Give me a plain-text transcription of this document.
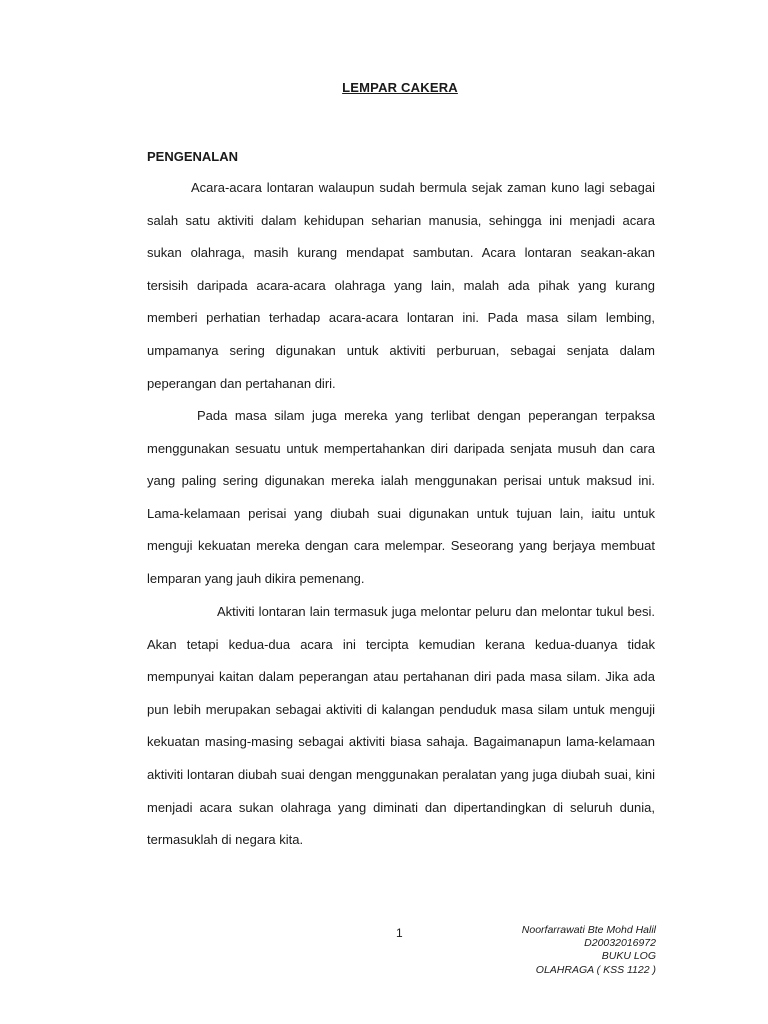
LEMPAR CAKERA
PENGENALAN

Acara-acara lontaran walaupun sudah bermula sejak zaman kuno lagi sebagai salah satu aktiviti dalam kehidupan seharian manusia, sehingga ini menjadi acara sukan olahraga, masih kurang mendapat sambutan. Acara lontaran seakan-akan tersisih daripada acara-acara olahraga yang lain, malah ada pihak yang kurang memberi perhatian terhadap acara-acara lontaran ini. Pada masa silam lembing, umpamanya sering digunakan untuk aktiviti perburuan, sebagai senjata dalam peperangan dan pertahanan diri.

Pada masa silam juga mereka yang terlibat dengan peperangan terpaksa menggunakan sesuatu untuk mempertahankan diri daripada senjata musuh dan cara yang paling sering digunakan mereka ialah menggunakan perisai untuk maksud ini. Lama-kelamaan perisai yang diubah suai digunakan untuk tujuan lain, iaitu untuk menguji kekuatan mereka dengan cara melempar. Seseorang yang berjaya membuat lemparan yang jauh dikira pemenang.

Aktiviti lontaran lain termasuk juga melontar peluru dan melontar tukul besi. Akan tetapi kedua-dua acara ini tercipta kemudian kerana kedua-duanya tidak mempunyai kaitan dalam peperangan atau pertahanan diri pada masa silam. Jika ada pun lebih merupakan sebagai aktiviti di kalangan penduduk masa silam untuk menguji kekuatan masing-masing sebagai aktiviti biasa sahaja. Bagaimanapun lama-kelamaan aktiviti lontaran diubah suai dengan menggunakan peralatan yang juga diubah suai, kini menjadi acara sukan olahraga yang diminati dan dipertandingkan di seluruh dunia, termasuklah di negara kita.

1	Noorfarrawati Bte Mohd Halil
D20032016972
BUKU LOG
OLAHRAGA ( KSS 1122 )
